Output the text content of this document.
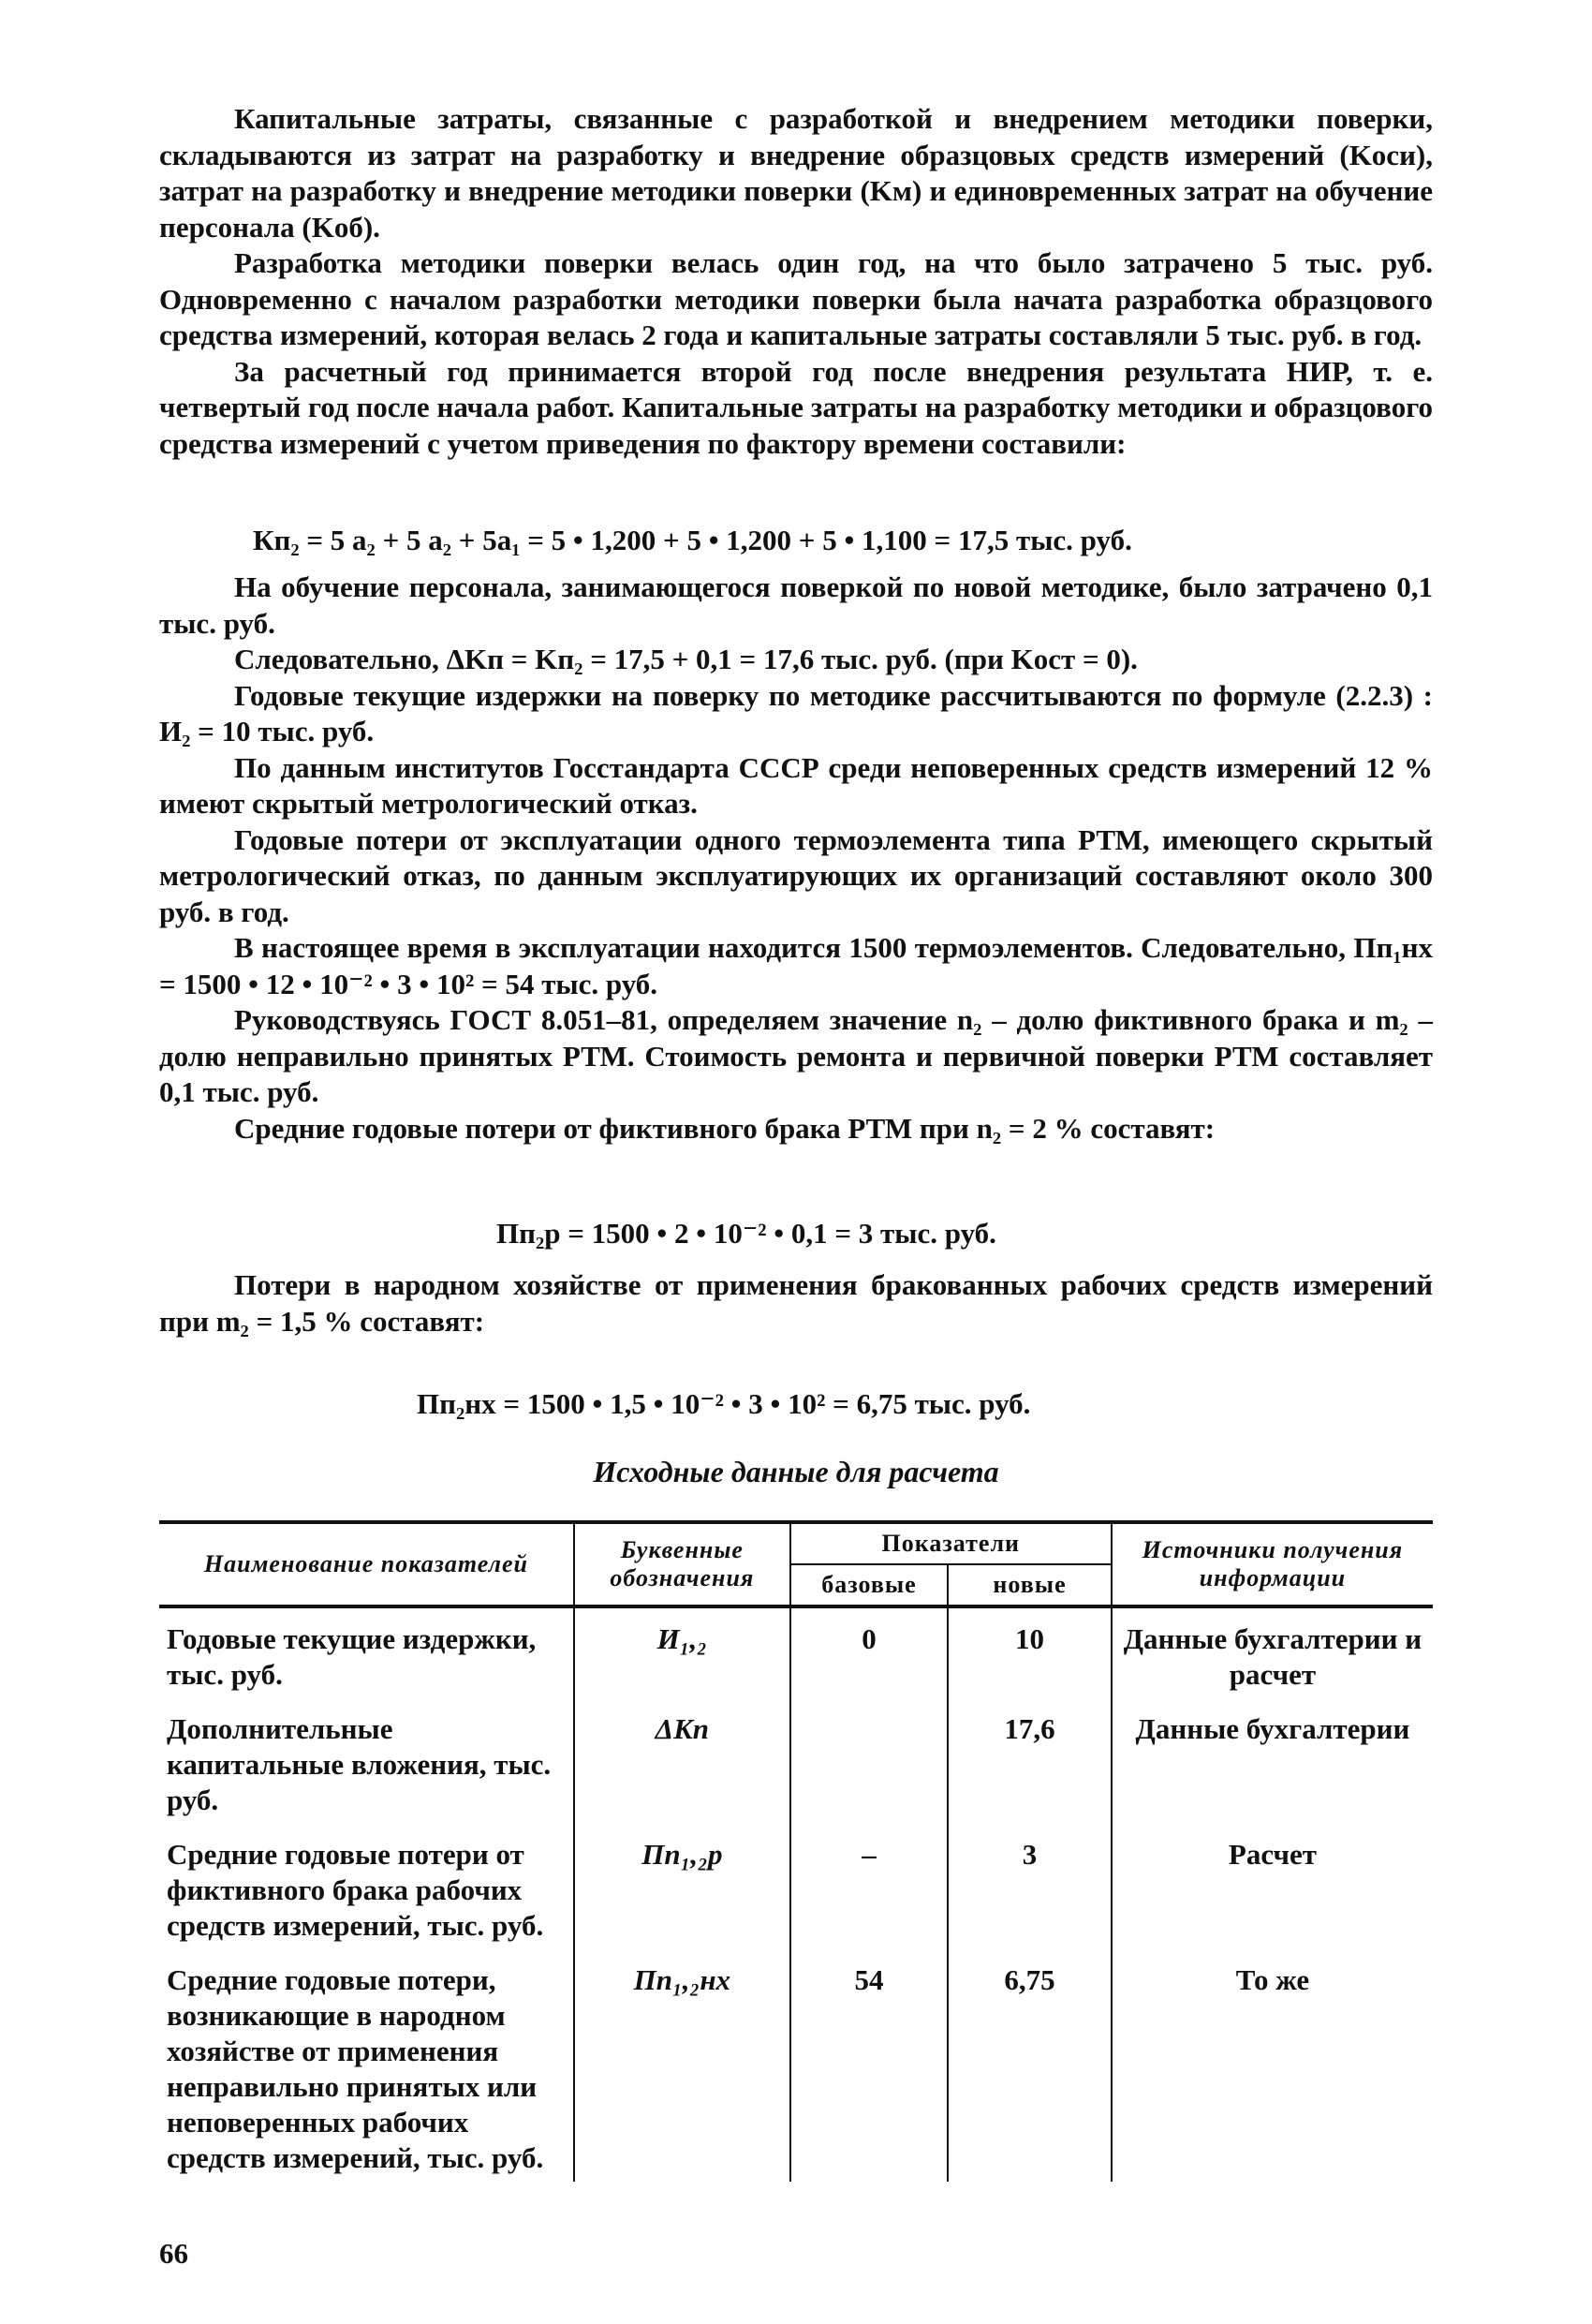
Капитальные затраты, связанные с разработкой и внедрением методики поверки, складываются из затрат на разработку и внедрение образцовых средств измерений (Kоси), затрат на разработку и внедрение методики поверки (Kм) и единовременных затрат на обучение персонала (Kоб).

Разработка методики поверки велась один год, на что было затрачено 5 тыс. руб. Одновременно с началом разработки методики поверки была начата разработка образцового средства измерений, которая велась 2 года и капитальные затраты составляли 5 тыс. руб. в год.

За расчетный год принимается второй год после внедрения результата НИР, т. е. четвертый год после начала работ. Капитальные затраты на разработку методики и образцового средства измерений с учетом приведения по фактору времени составили:

Кп₂ = 5 a₂ + 5 a₂ + 5a₁ = 5 • 1,200 + 5 • 1,200 + 5 • 1,100 = 17,5 тыс. руб.

На обучение персонала, занимающегося поверкой по новой методике, было затрачено 0,1 тыс. руб.

Следовательно, ΔKп = Kп₂ = 17,5 + 0,1 = 17,6 тыс. руб. (при Kост = 0).

Годовые текущие издержки на поверку по методике рассчитываются по формуле (2.2.3) : И₂ = 10 тыс. руб.

По данным институтов Госстандарта СССР среди неповеренных средств измерений 12 % имеют скрытый метрологический отказ.

Годовые потери от эксплуатации одного термоэлемента типа РТМ, имеющего скрытый метрологический отказ, по данным эксплуатирующих их организаций составляют около 300 руб. в год.

В настоящее время в эксплуатации находится 1500 термоэлементов. Следовательно, Пп₁нх = 1500 • 12 • 10⁻² • 3 • 10² = 54 тыс. руб.

Руководствуясь ГОСТ 8.051–81, определяем значение n₂ – долю фиктивного брака и m₂ – долю неправильно принятых РТМ. Стоимость ремонта и первичной поверки РТМ составляет 0,1 тыс. руб.

Средние годовые потери от фиктивного брака РТМ при n₂ = 2 % составят:

Пп₂р = 1500 • 2 • 10⁻² • 0,1 = 3 тыс. руб.

Потери в народном хозяйстве от применения бракованных рабочих средств измерений при m₂ = 1,5 % составят:

Пп₂нх = 1500 • 1,5 • 10⁻² • 3 • 10² = 6,75 тыс. руб.
Исходные данные для расчета
Наименование показателей	Буквенные обозначения	Показатели		Источники получения информации
		базовые	новые	
Годовые текущие издержки, тыс. руб.	И₁,₂	0	10	Данные бухгалтерии и расчет
Дополнительные капитальные вложения, тыс. руб.	ΔKп		17,6	Данные бухгалтерии
Средние годовые потери от фиктивного брака рабочих средств измерений, тыс. руб.	Пп₁,₂р	–	3	Расчет
Средние годовые потери, возникающие в народном хозяйстве от применения неправильно принятых или неповеренных рабочих средств измерений, тыс. руб.	Пп₁,₂нх	54	6,75	То же
66
